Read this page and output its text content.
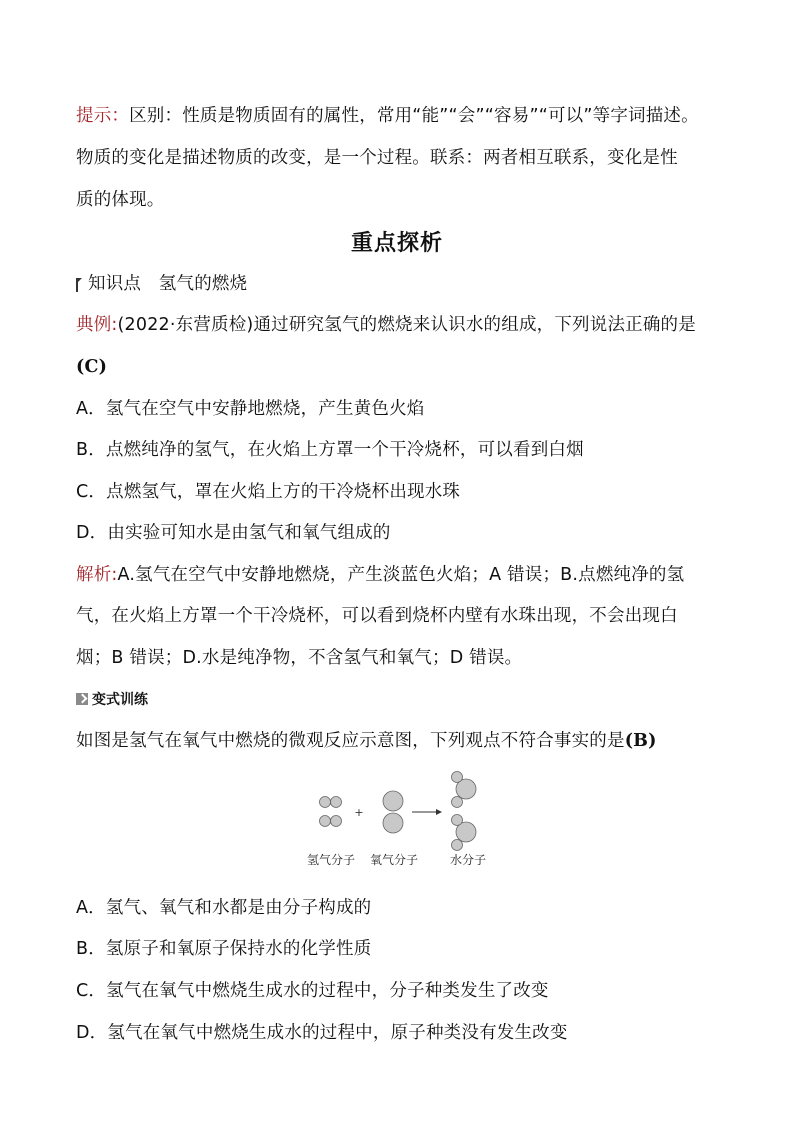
提示：区别：性质是物质固有的属性，常用“能”“会”“容易”“可以”等字词描述。
物质的变化是描述物质的改变，是一个过程。联系：两者相互联系，变化是性
质的体现。
重点探析
知识点　氢气的燃烧
典例:(2022·东营质检)通过研究氢气的燃烧来认识水的组成，下列说法正确的是
(C)
A．氢气在空气中安静地燃烧，产生黄色火焰
B．点燃纯净的氢气，在火焰上方罩一个干冷烧杯，可以看到白烟
C．点燃氢气，罩在火焰上方的干冷烧杯出现水珠
D．由实验可知水是由氢气和氧气组成的
解析:A.氢气在空气中安静地燃烧，产生淡蓝色火焰；A 错误；B.点燃纯净的氢
气，在火焰上方罩一个干冷烧杯，可以看到烧杯内壁有水珠出现，不会出现白
烟；B 错误；D.水是纯净物，不含氢气和氧气；D 错误。
变式训练
如图是氢气在氧气中燃烧的微观反应示意图，下列观点不符合事实的是(B)
+
氢气分子 氧气分子	水分子
A．氢气、氧气和水都是由分子构成的
B．氢原子和氧原子保持水的化学性质
C．氢气在氧气中燃烧生成水的过程中，分子种类发生了改变
D．氢气在氧气中燃烧生成水的过程中，原子种类没有发生改变
